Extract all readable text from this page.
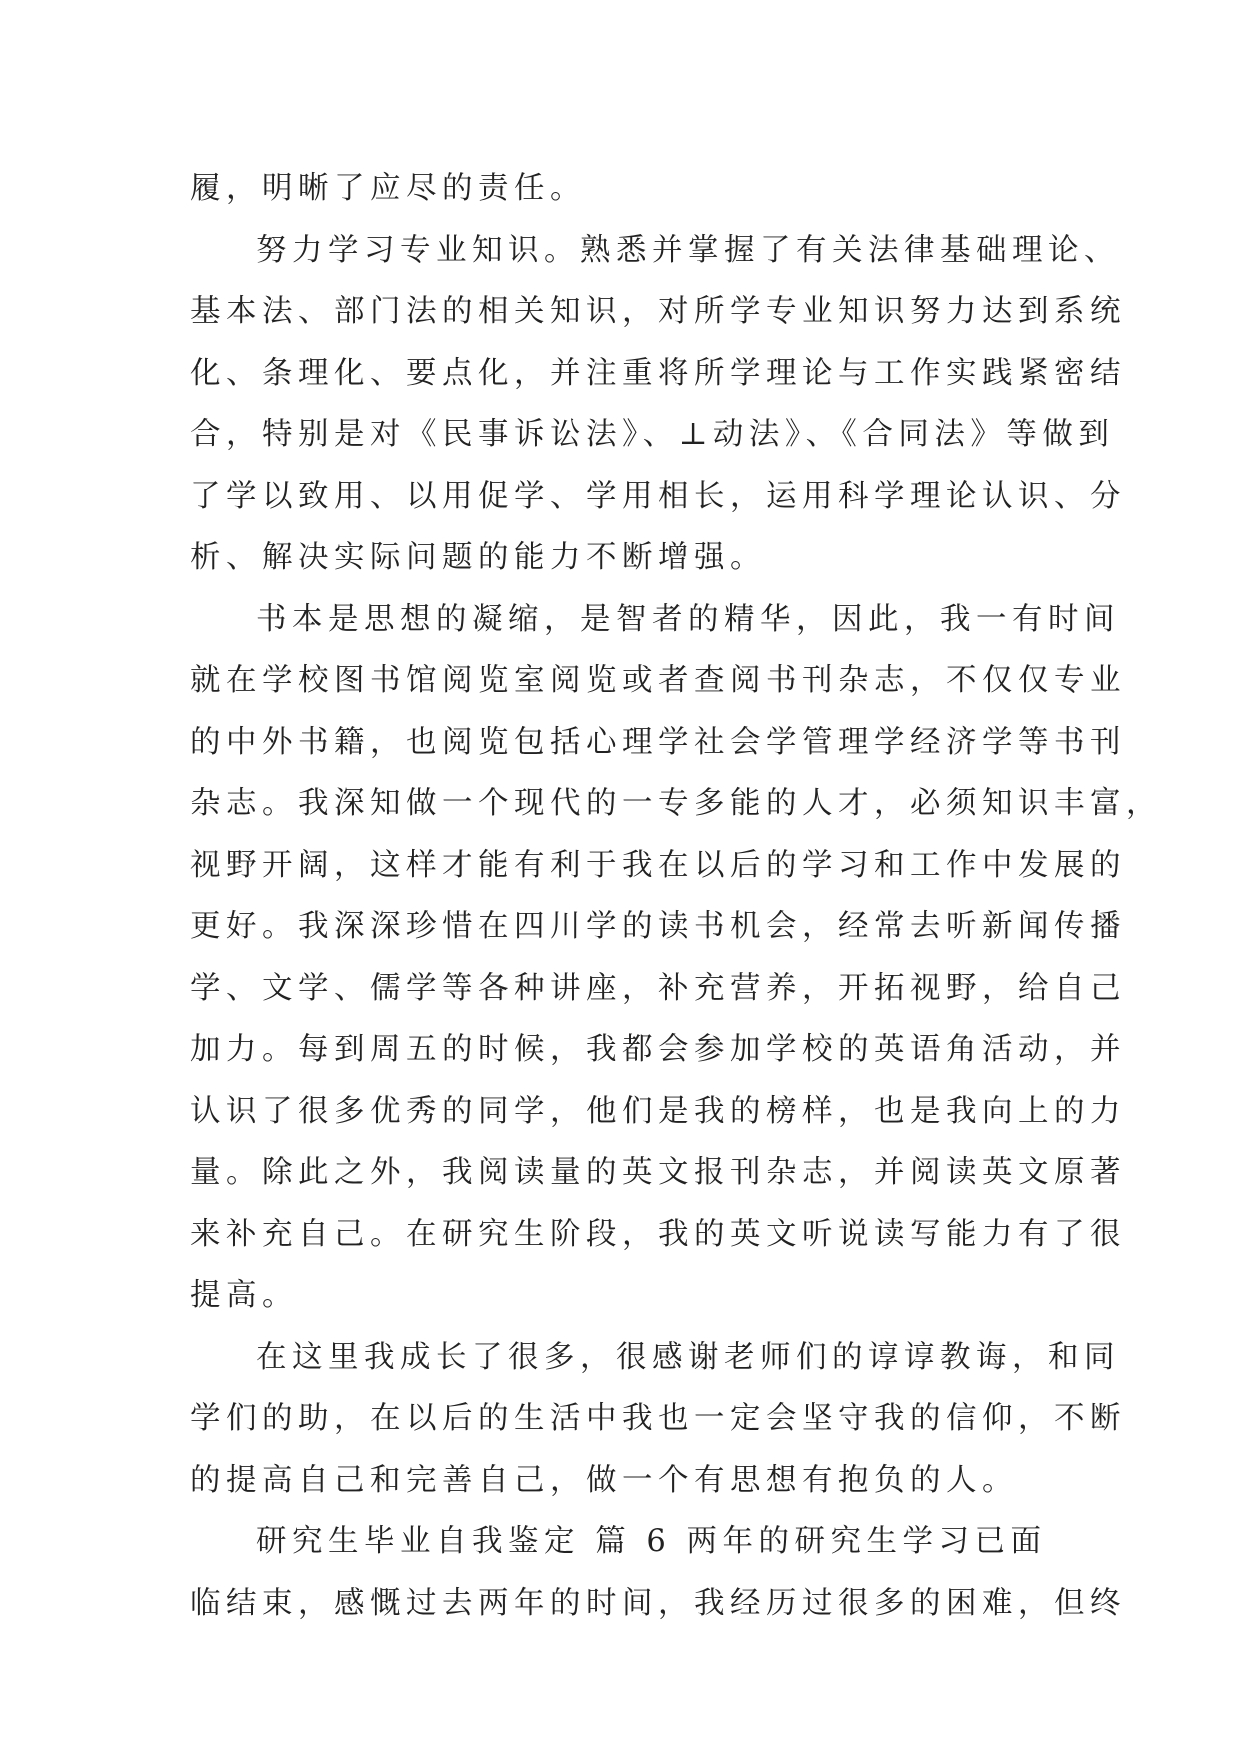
履，明晰了应尽的责任。
努力学习专业知识。熟悉并掌握了有关法律基础理论、
基本法、部门法的相关知识，对所学专业知识努力达到系统
化、条理化、要点化，并注重将所学理论与工作实践紧密结
合，特别是对《民事诉讼法》、⊥动法》、《合同法》等做到
了学以致用、以用促学、学用相长，运用科学理论认识、分
析、解决实际问题的能力不断增强。
书本是思想的凝缩，是智者的精华，因此，我一有时间
就在学校图书馆阅览室阅览或者查阅书刊杂志，不仅仅专业
的中外书籍，也阅览包括心理学社会学管理学经济学等书刊
杂志。我深知做一个现代的一专多能的人才，必须知识丰富，
视野开阔，这样才能有利于我在以后的学习和工作中发展的
更好。我深深珍惜在四川学的读书机会，经常去听新闻传播
学、文学、儒学等各种讲座，补充营养，开拓视野，给自己
加力。每到周五的时候，我都会参加学校的英语角活动，并
认识了很多优秀的同学，他们是我的榜样，也是我向上的力
量。除此之外，我阅读量的英文报刊杂志，并阅读英文原著
来补充自己。在研究生阶段，我的英文听说读写能力有了很
提高。
在这里我成长了很多，很感谢老师们的谆谆教诲，和同
学们的助，在以后的生活中我也一定会坚守我的信仰，不断
的提高自己和完善自己，做一个有思想有抱负的人。
研究生毕业自我鉴定 篇 6 两年的研究生学习已面
临结束，感慨过去两年的时间，我经历过很多的困难，但终
